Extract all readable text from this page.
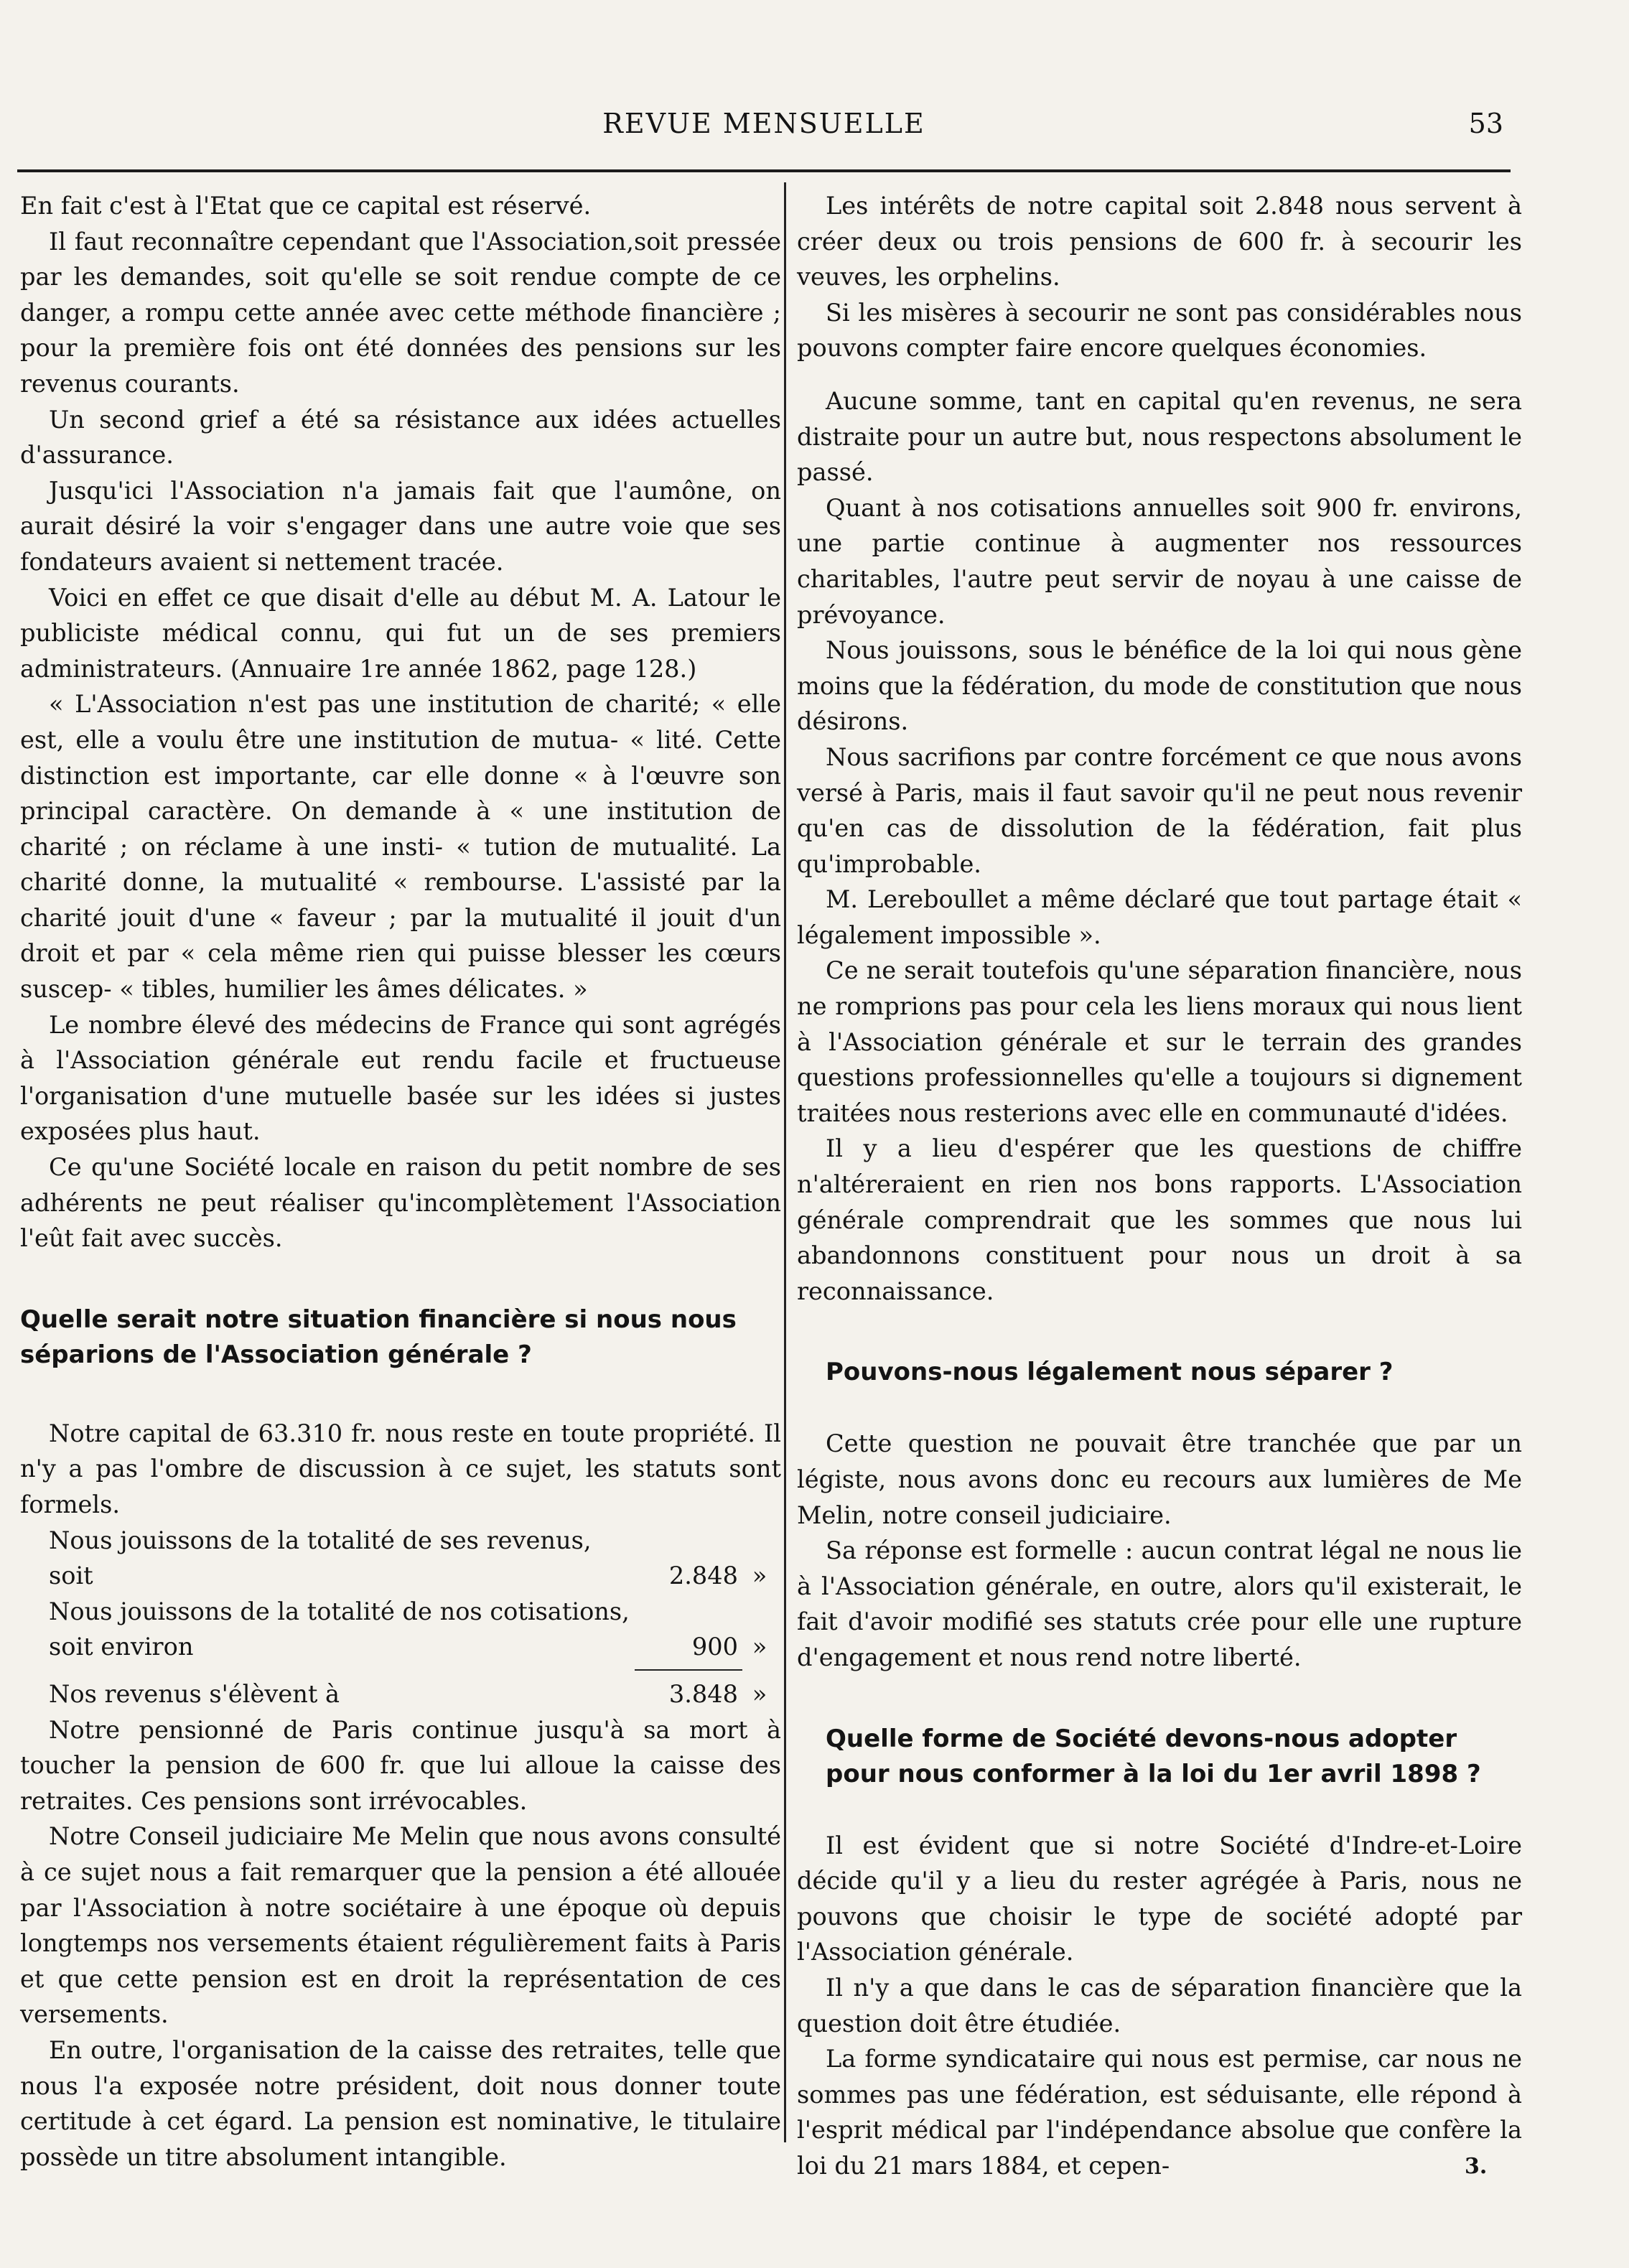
REVUE MENSUELLE	53

En fait c'est à l'Etat que ce capital est réservé.

Il faut reconnaître cependant que l'Association,soit pressée par les demandes, soit qu'elle se soit rendue compte de ce danger, a rompu cette année avec cette méthode financière ; pour la première fois ont été données des pensions sur les revenus courants.

Un second grief a été sa résistance aux idées actuelles d'assurance.

Jusqu'ici l'Association n'a jamais fait que l'aumône, on aurait désiré la voir s'engager dans une autre voie que ses fondateurs avaient si nettement tracée.

Voici en effet ce que disait d'elle au début M. A. Latour le publiciste médical connu, qui fut un de ses premiers administrateurs. (Annuaire 1re année 1862, page 128.)

« L'Association n'est pas une institution de charité; « elle est, elle a voulu être une institution de mutua- « lité. Cette distinction est importante, car elle donne « à l'œuvre son principal caractère. On demande à « une institution de charité ; on réclame à une insti- « tution de mutualité. La charité donne, la mutualité « rembourse. L'assisté par la charité jouit d'une « faveur ; par la mutualité il jouit d'un droit et par « cela même rien qui puisse blesser les cœurs suscep- « tibles, humilier les âmes délicates. »

Le nombre élevé des médecins de France qui sont agrégés à l'Association générale eut rendu facile et fructueuse l'organisation d'une mutuelle basée sur les idées si justes exposées plus haut.

Ce qu'une Société locale en raison du petit nombre de ses adhérents ne peut réaliser qu'incomplètement l'Association l'eût fait avec succès.

Quelle serait notre situation financière si nous nous séparions de l'Association générale ?

Notre capital de 63.310 fr. nous reste en toute propriété. Il n'y a pas l'ombre de discussion à ce sujet, les statuts sont formels.

Nous jouissons de la totalité de ses revenus, soit	2.848 »
Nous jouissons de la totalité de nos cotisations, soit environ	900 »
Nos revenus s'élèvent à	3.848 »

Notre pensionné de Paris continue jusqu'à sa mort à toucher la pension de 600 fr. que lui alloue la caisse des retraites. Ces pensions sont irrévocables.

Notre Conseil judiciaire Me Melin que nous avons consulté à ce sujet nous a fait remarquer que la pension a été allouée par l'Association à notre sociétaire à une époque où depuis longtemps nos versements étaient régulièrement faits à Paris et que cette pension est en droit la représentation de ces versements.

En outre, l'organisation de la caisse des retraites, telle que nous l'a exposée notre président, doit nous donner toute certitude à cet égard. La pension est nominative, le titulaire possède un titre absolument intangible.

Les intérêts de notre capital soit 2.848 nous servent à créer deux ou trois pensions de 600 fr. à secourir les veuves, les orphelins.

Si les misères à secourir ne sont pas considérables nous pouvons compter faire encore quelques économies.

Aucune somme, tant en capital qu'en revenus, ne sera distraite pour un autre but, nous respectons absolument le passé.

Quant à nos cotisations annuelles soit 900 fr. environs, une partie continue à augmenter nos ressources charitables, l'autre peut servir de noyau à une caisse de prévoyance.

Nous jouissons, sous le bénéfice de la loi qui nous gène moins que la fédération, du mode de constitution que nous désirons.

Nous sacrifions par contre forcément ce que nous avons versé à Paris, mais il faut savoir qu'il ne peut nous revenir qu'en cas de dissolution de la fédération, fait plus qu'improbable.

M. Lereboullet a même déclaré que tout partage était « légalement impossible ».

Ce ne serait toutefois qu'une séparation financière, nous ne romprions pas pour cela les liens moraux qui nous lient à l'Association générale et sur le terrain des grandes questions professionnelles qu'elle a toujours si dignement traitées nous resterions avec elle en communauté d'idées.

Il y a lieu d'espérer que les questions de chiffre n'altéreraient en rien nos bons rapports. L'Association générale comprendrait que les sommes que nous lui abandonnons constituent pour nous un droit à sa reconnaissance.

Pouvons-nous légalement nous séparer ?

Cette question ne pouvait être tranchée que par un légiste, nous avons donc eu recours aux lumières de Me Melin, notre conseil judiciaire.

Sa réponse est formelle : aucun contrat légal ne nous lie à l'Association générale, en outre, alors qu'il existerait, le fait d'avoir modifié ses statuts crée pour elle une rupture d'engagement et nous rend notre liberté.

Quelle forme de Société devons-nous adopter pour nous conformer à la loi du 1er avril 1898 ?

Il est évident que si notre Société d'Indre-et-Loire décide qu'il y a lieu du rester agrégée à Paris, nous ne pouvons que choisir le type de société adopté par l'Association générale.

Il n'y a que dans le cas de séparation financière que la question doit être étudiée.

La forme syndicataire qui nous est permise, car nous ne sommes pas une fédération, est séduisante, elle répond à l'esprit médical par l'indépendance absolue que confère la loi du 21 mars 1884, et cepen-	3.
